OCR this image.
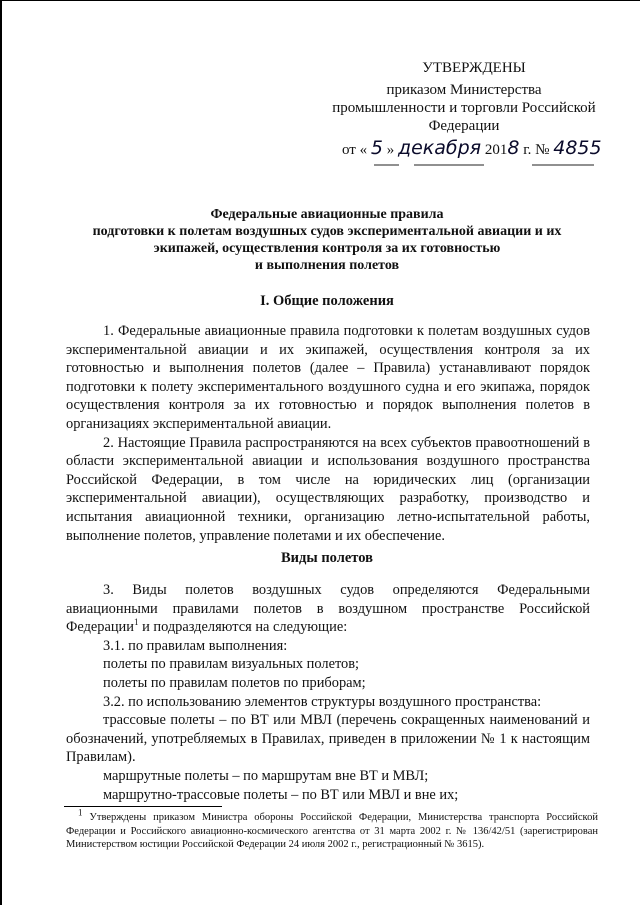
УТВЕРЖДЕНЫ
приказом Министерства
промышленности и торговли Российской
Федерации
от « 5 » декабря 2018 г. № 4855
Федеральные авиационные правила
подготовки к полетам воздушных судов экспериментальной авиации и их
экипажей, осуществления контроля за их готовностью
и выполнения полетов
I. Общие положения

1. Федеральные авиационные правила подготовки к полетам воздушных судов экспериментальной авиации и их экипажей, осуществления контроля за их готовностью и выполнения полетов (далее – Правила) устанавливают порядок подготовки к полету экспериментального воздушного судна и его экипажа, порядок осуществления контроля за их готовностью и порядок выполнения полетов в организациях экспериментальной авиации.

2. Настоящие Правила распространяются на всех субъектов правоотношений в области экспериментальной авиации и использования воздушного пространства Российской Федерации, в том числе на юридических лиц (организации экспериментальной авиации), осуществляющих разработку, производство и испытания авиационной техники, организацию летно-испытательной работы, выполнение полетов, управление полетами и их обеспечение.

Виды полетов

3. Виды полетов воздушных судов определяются Федеральными авиационными правилами полетов в воздушном пространстве Российской Федерации$^1$ и подразделяются на следующие:

3.1. по правилам выполнения:

полеты по правилам визуальных полетов;

полеты по правилам полетов по приборам;

3.2. по использованию элементов структуры воздушного пространства:

трассовые полеты – по ВТ или МВЛ (перечень сокращенных наименований и обозначений, употребляемых в Правилах, приведен в приложении № 1 к настоящим Правилам).

маршрутные полеты – по маршрутам вне ВТ и МВЛ;

маршрутно-трассовые полеты – по ВТ или МВЛ и вне их;

$^1$ Утверждены приказом Министра обороны Российской Федерации, Министерства транспорта Российской Федерации и Российского авиационно-космического агентства от 31 марта 2002 г. № 136/42/51 (зарегистрирован Министерством юстиции Российской Федерации 24 июля 2002 г., регистрационный № 3615).
